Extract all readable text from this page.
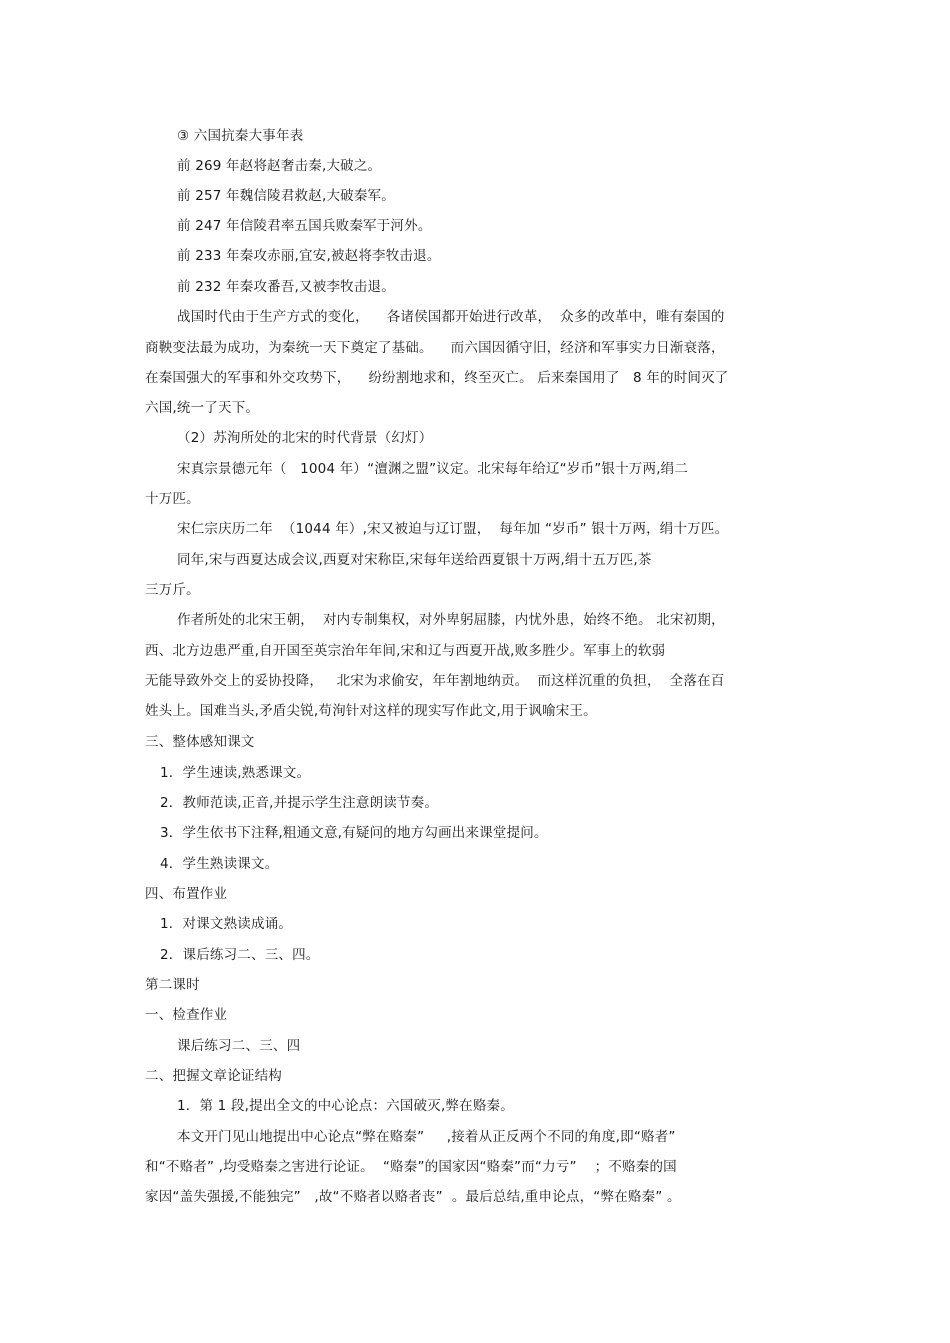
③ 六国抗秦大事年表
前 269 年赵将赵奢击秦,大破之。
前 257 年魏信陵君救赵,大破秦军。
前 247 年信陵君率五国兵败秦军于河外。
前 233 年秦攻赤丽,宜安,被赵将李牧击退。
前 232 年秦攻番吾,又被李牧击退。
战国时代由于生产方式的变化，    各诸侯国都开始进行改革，  众多的改革中，唯有秦国的
商鞅变法最为成功，为秦统一天下奠定了基础。    而六国因循守旧，经济和军事实力日渐衰落，
在秦国强大的军事和外交攻势下，    纷纷割地求和，终至灭亡。 后来秦国用了   8 年的时间灭了
六国,统一了天下。
（2）苏洵所处的北宋的时代背景（幻灯）
宋真宗景德元年（   1004 年）“澶渊之盟”议定。北宋每年给辽“岁币”银十万两,绢二
十万匹。
宋仁宗庆历二年  （1044 年）,宋又被迫与辽订盟，  每年加 “岁币” 银十万两，绢十万匹。
同年,宋与西夏达成会议,西夏对宋称臣,宋每年送给西夏银十万两,绢十五万匹,茶
三万斤。
作者所处的北宋王朝，  对内专制集权，对外卑躬屈膝，内忧外患，始终不绝。 北宋初期，
西、北方边患严重,自开国至英宗治年年间,宋和辽与西夏开战,败多胜少。军事上的软弱
无能导致外交上的妥协投降，   北宋为求偷安，年年割地纳贡。  而这样沉重的负担，  全落在百
姓头上。国难当头,矛盾尖锐,苟洵针对这样的现实写作此文,用于讽喻宋王。
三、整体感知课文
1．学生速读,熟悉课文。
2．教师范读,正音,并提示学生注意朗读节奏。
3．学生依书下注释,粗通文意,有疑问的地方勾画出来课堂提问。
4．学生熟读课文。
四、布置作业
1．对课文熟读成诵。
2．课后练习二、三、四。
第二课时
一、检查作业
课后练习二、三、四
二、把握文章论证结构
1．第 1 段,提出全文的中心论点：六国破灭,弊在赂秦。
本文开门见山地提出中心论点“弊在赂秦”     ,接着从正反两个不同的角度,即“赂者”
和“不赂者” ,均受赂秦之害进行论证。  “赂秦”的国家因“赂秦”而“力亏”    ；不赂秦的国
家因“盖失强援,不能独完”   ,故“不赂者以赂者丧”  。最后总结,重申论点，“弊在赂秦” 。
